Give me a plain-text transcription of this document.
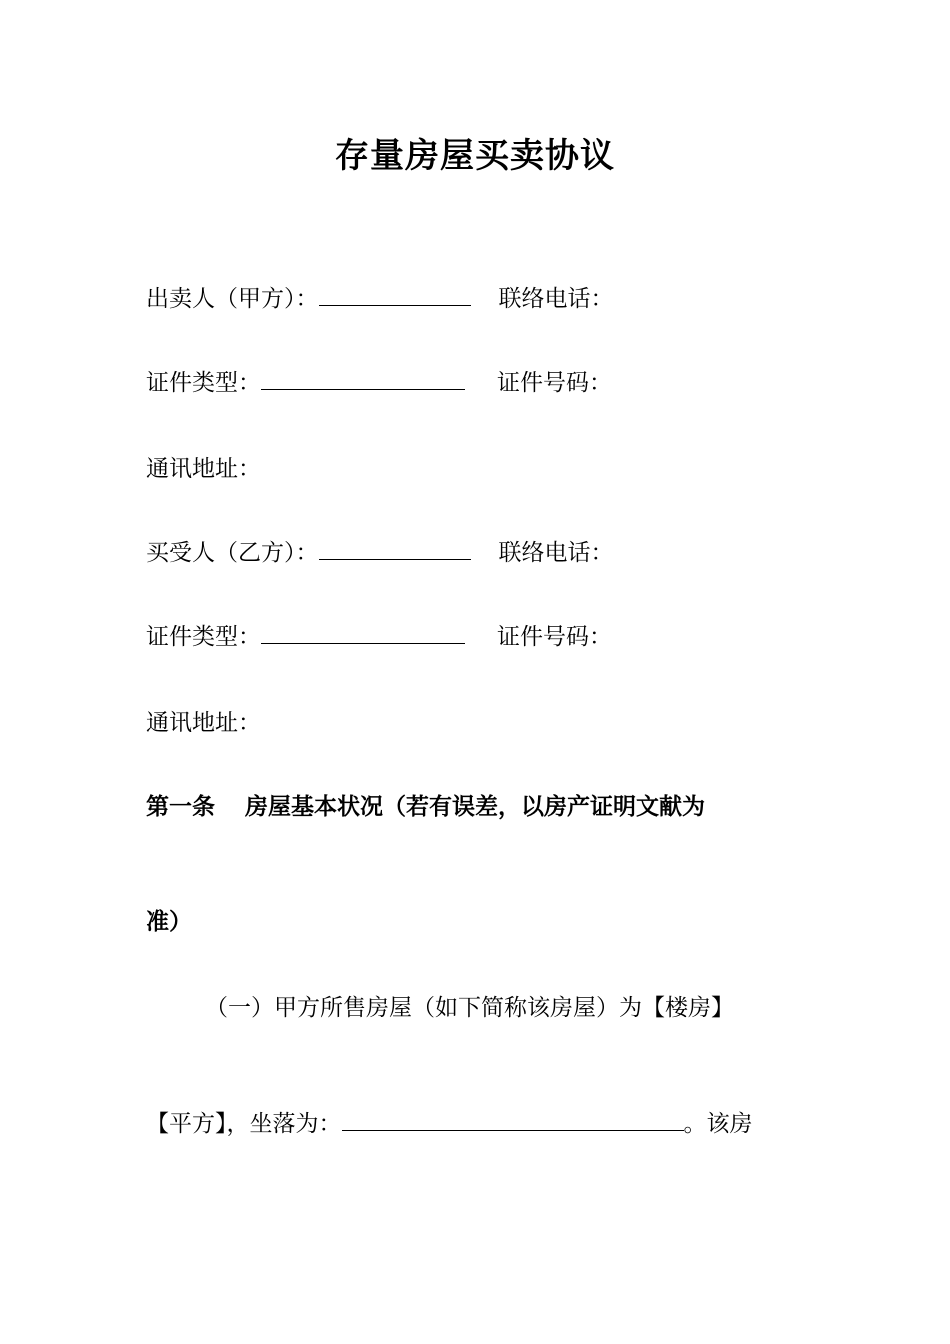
存量房屋买卖协议
出卖人（甲方）：	联络电话：
证件类型：	证件号码：
通讯地址：
买受人（乙方）：	联络电话：
证件类型：	证件号码：
通讯地址：
第一条 房屋基本状况（若有误差，以房产证明文献为
准）
（一）甲方所售房屋（如下简称该房屋）为【楼房】
【平方】，坐落为：	。该房
